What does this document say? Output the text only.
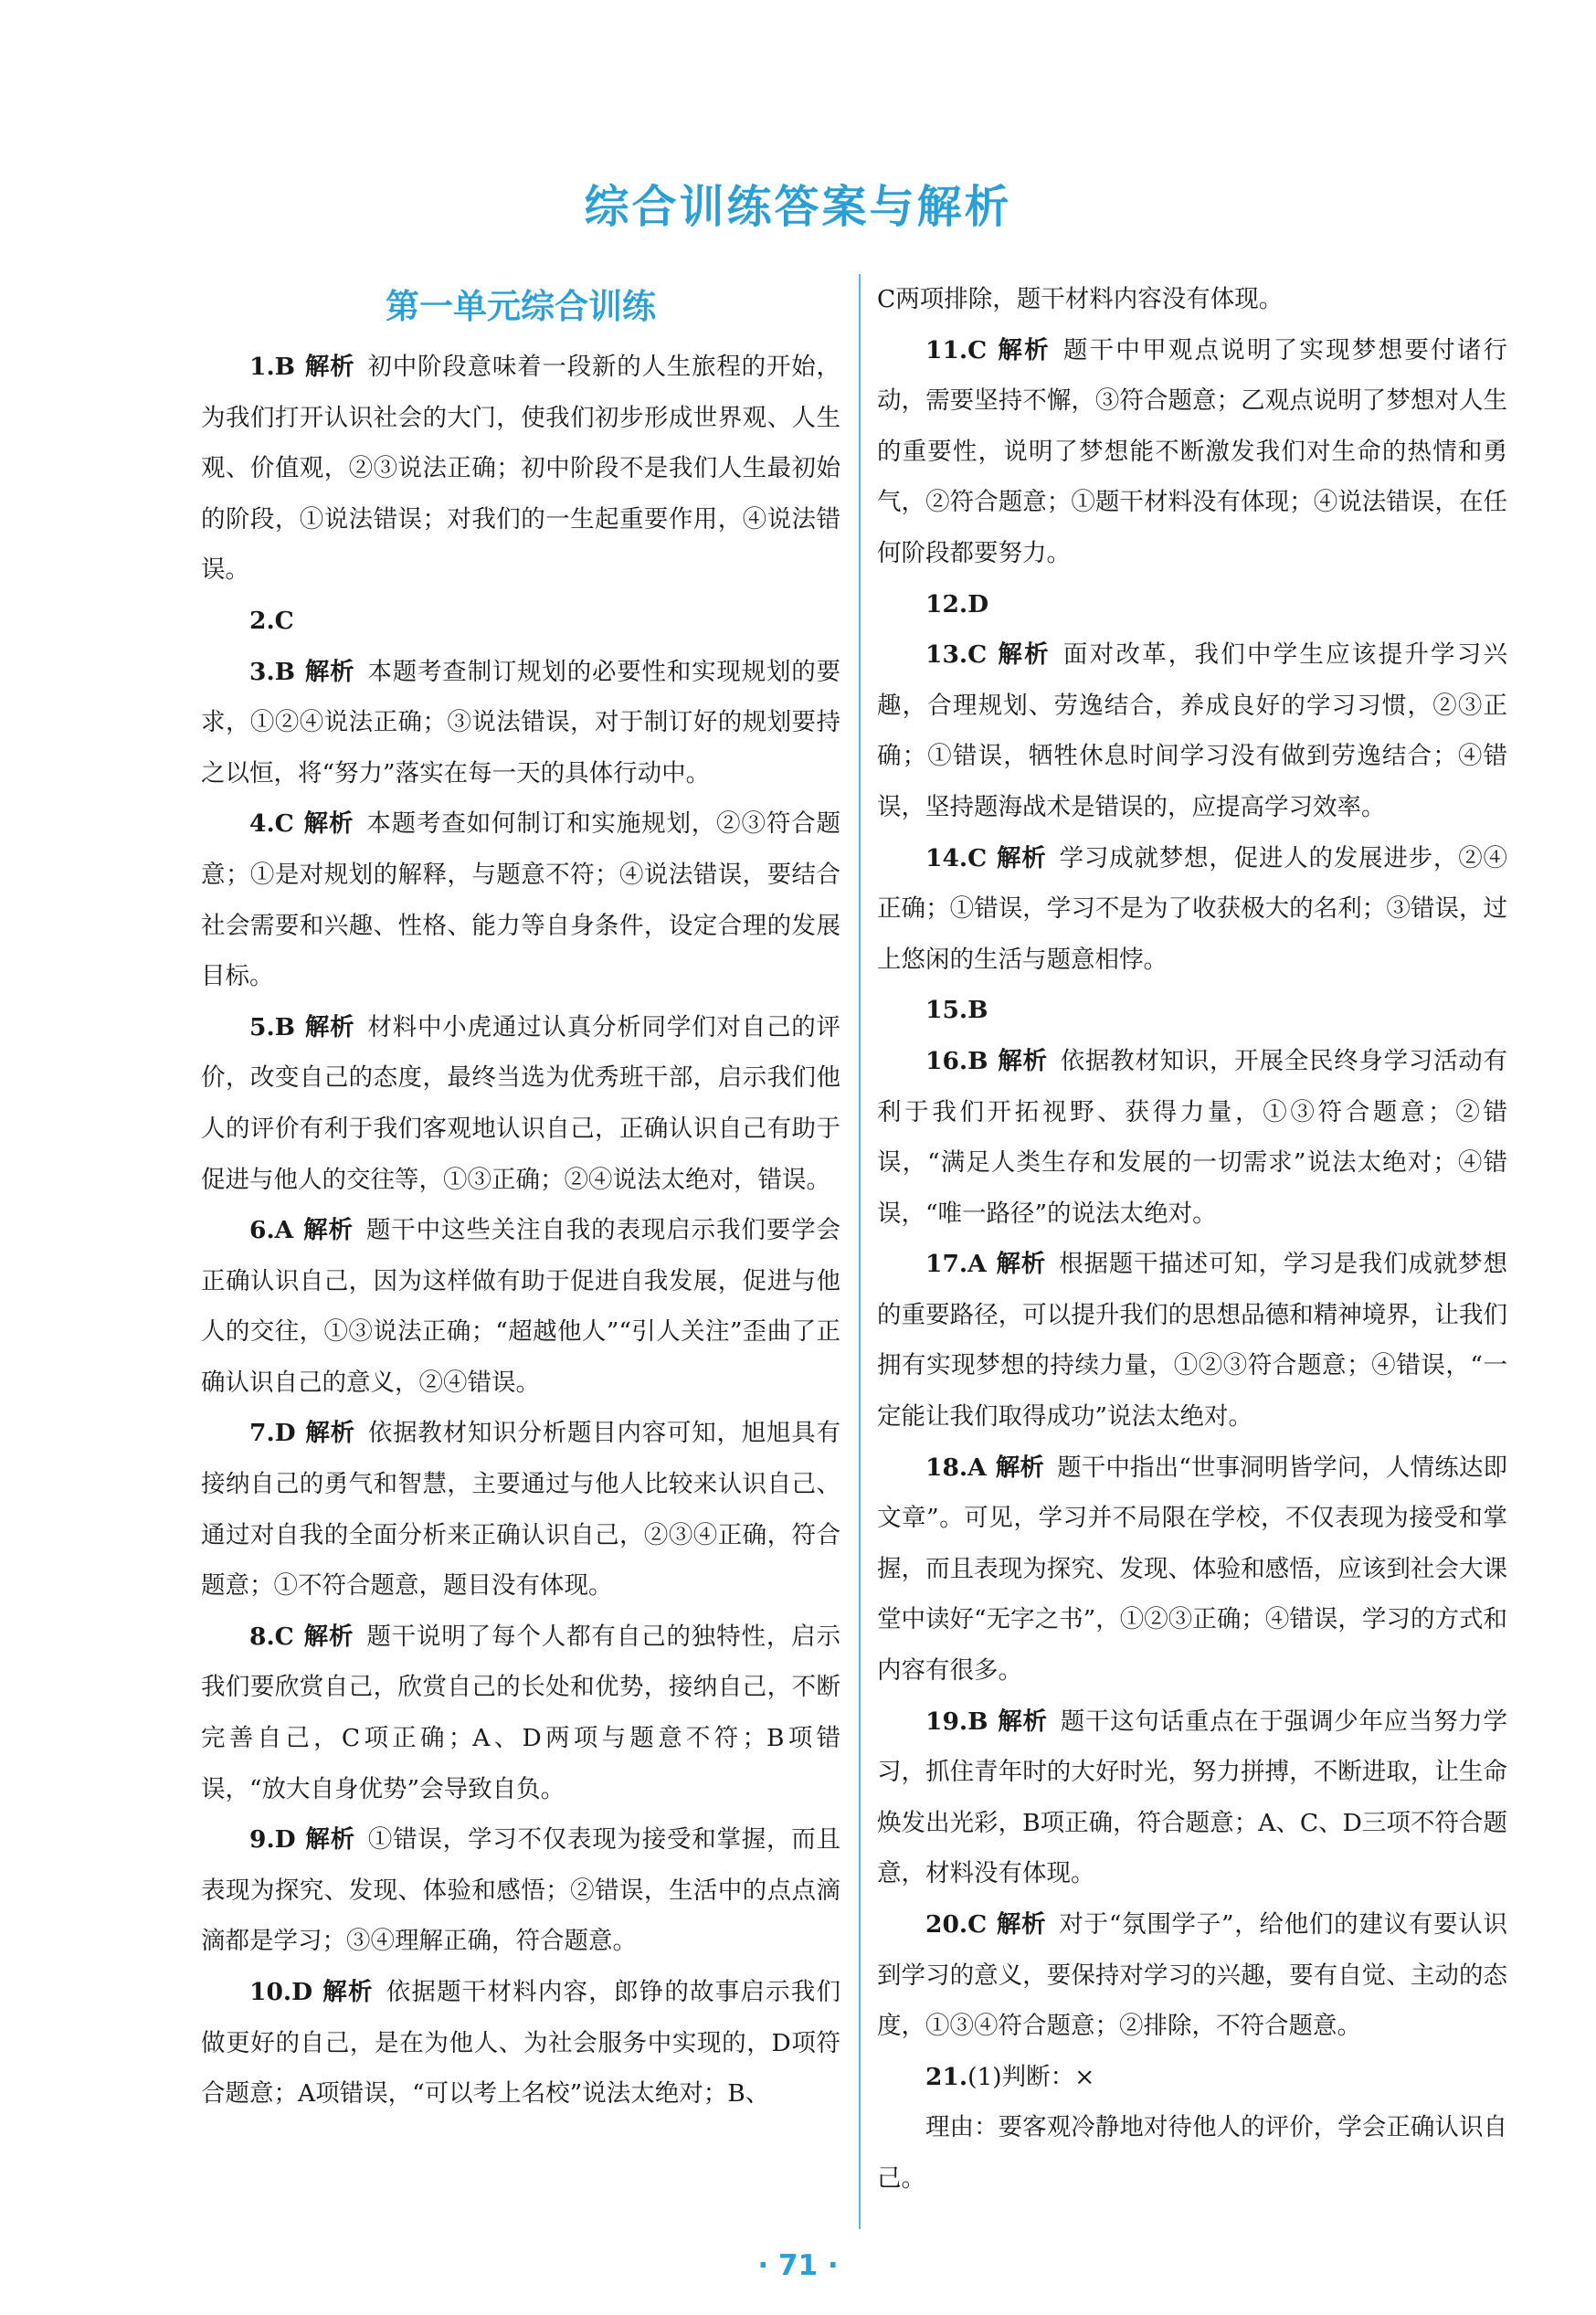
综合训练答案与解析
第一单元综合训练

1.B 解析 初中阶段意味着一段新的人生旅程的开始，为我们打开认识社会的大门，使我们初步形成世界观、人生观、价值观，②③说法正确；初中阶段不是我们人生最初始的阶段，①说法错误；对我们的一生起重要作用，④说法错误。

2.C

3.B 解析 本题考查制订规划的必要性和实现规划的要求，①②④说法正确；③说法错误，对于制订好的规划要持之以恒，将“努力”落实在每一天的具体行动中。

4.C 解析 本题考查如何制订和实施规划，②③符合题意；①是对规划的解释，与题意不符；④说法错误，要结合社会需要和兴趣、性格、能力等自身条件，设定合理的发展目标。

5.B 解析 材料中小虎通过认真分析同学们对自己的评价，改变自己的态度，最终当选为优秀班干部，启示我们他人的评价有利于我们客观地认识自己，正确认识自己有助于促进与他人的交往等，①③正确；②④说法太绝对，错误。

6.A 解析 题干中这些关注自我的表现启示我们要学会正确认识自己，因为这样做有助于促进自我发展，促进与他人的交往，①③说法正确；“超越他人”“引人关注”歪曲了正确认识自己的意义，②④错误。

7.D 解析 依据教材知识分析题目内容可知，旭旭具有接纳自己的勇气和智慧，主要通过与他人比较来认识自己、通过对自我的全面分析来正确认识自己，②③④正确，符合题意；①不符合题意，题目没有体现。

8.C 解析 题干说明了每个人都有自己的独特性，启示我们要欣赏自己，欣赏自己的长处和优势，接纳自己，不断完善自己，C项正确；A、D两项与题意不符；B项错误，“放大自身优势”会导致自负。

9.D 解析 ①错误，学习不仅表现为接受和掌握，而且表现为探究、发现、体验和感悟；②错误，生活中的点点滴滴都是学习；③④理解正确，符合题意。

10.D 解析 依据题干材料内容，郎铮的故事启示我们做更好的自己，是在为他人、为社会服务中实现的，D项符合题意；A项错误，“可以考上名校”说法太绝对；B、

C两项排除，题干材料内容没有体现。

11.C 解析 题干中甲观点说明了实现梦想要付诸行动，需要坚持不懈，③符合题意；乙观点说明了梦想对人生的重要性，说明了梦想能不断激发我们对生命的热情和勇气，②符合题意；①题干材料没有体现；④说法错误，在任何阶段都要努力。

12.D

13.C 解析 面对改革，我们中学生应该提升学习兴趣，合理规划、劳逸结合，养成良好的学习习惯，②③正确；①错误，牺牲休息时间学习没有做到劳逸结合；④错误，坚持题海战术是错误的，应提高学习效率。

14.C 解析 学习成就梦想，促进人的发展进步，②④正确；①错误，学习不是为了收获极大的名利；③错误，过上悠闲的生活与题意相悖。

15.B

16.B 解析 依据教材知识，开展全民终身学习活动有利于我们开拓视野、获得力量，①③符合题意；②错误，“满足人类生存和发展的一切需求”说法太绝对；④错误，“唯一路径”的说法太绝对。

17.A 解析 根据题干描述可知，学习是我们成就梦想的重要路径，可以提升我们的思想品德和精神境界，让我们拥有实现梦想的持续力量，①②③符合题意；④错误，“一定能让我们取得成功”说法太绝对。

18.A 解析 题干中指出“世事洞明皆学问，人情练达即文章”。可见，学习并不局限在学校，不仅表现为接受和掌握，而且表现为探究、发现、体验和感悟，应该到社会大课堂中读好“无字之书”，①②③正确；④错误，学习的方式和内容有很多。

19.B 解析 题干这句话重点在于强调少年应当努力学习，抓住青年时的大好时光，努力拼搏，不断进取，让生命焕发出光彩，B项正确，符合题意；A、C、D三项不符合题意，材料没有体现。

20.C 解析 对于“氛围学子”，给他们的建议有要认识到学习的意义，要保持对学习的兴趣，要有自觉、主动的态度，①③④符合题意；②排除，不符合题意。

21.(1)判断：×

理由：要客观冷静地对待他人的评价，学会正确认识自己。

· 71 ·
